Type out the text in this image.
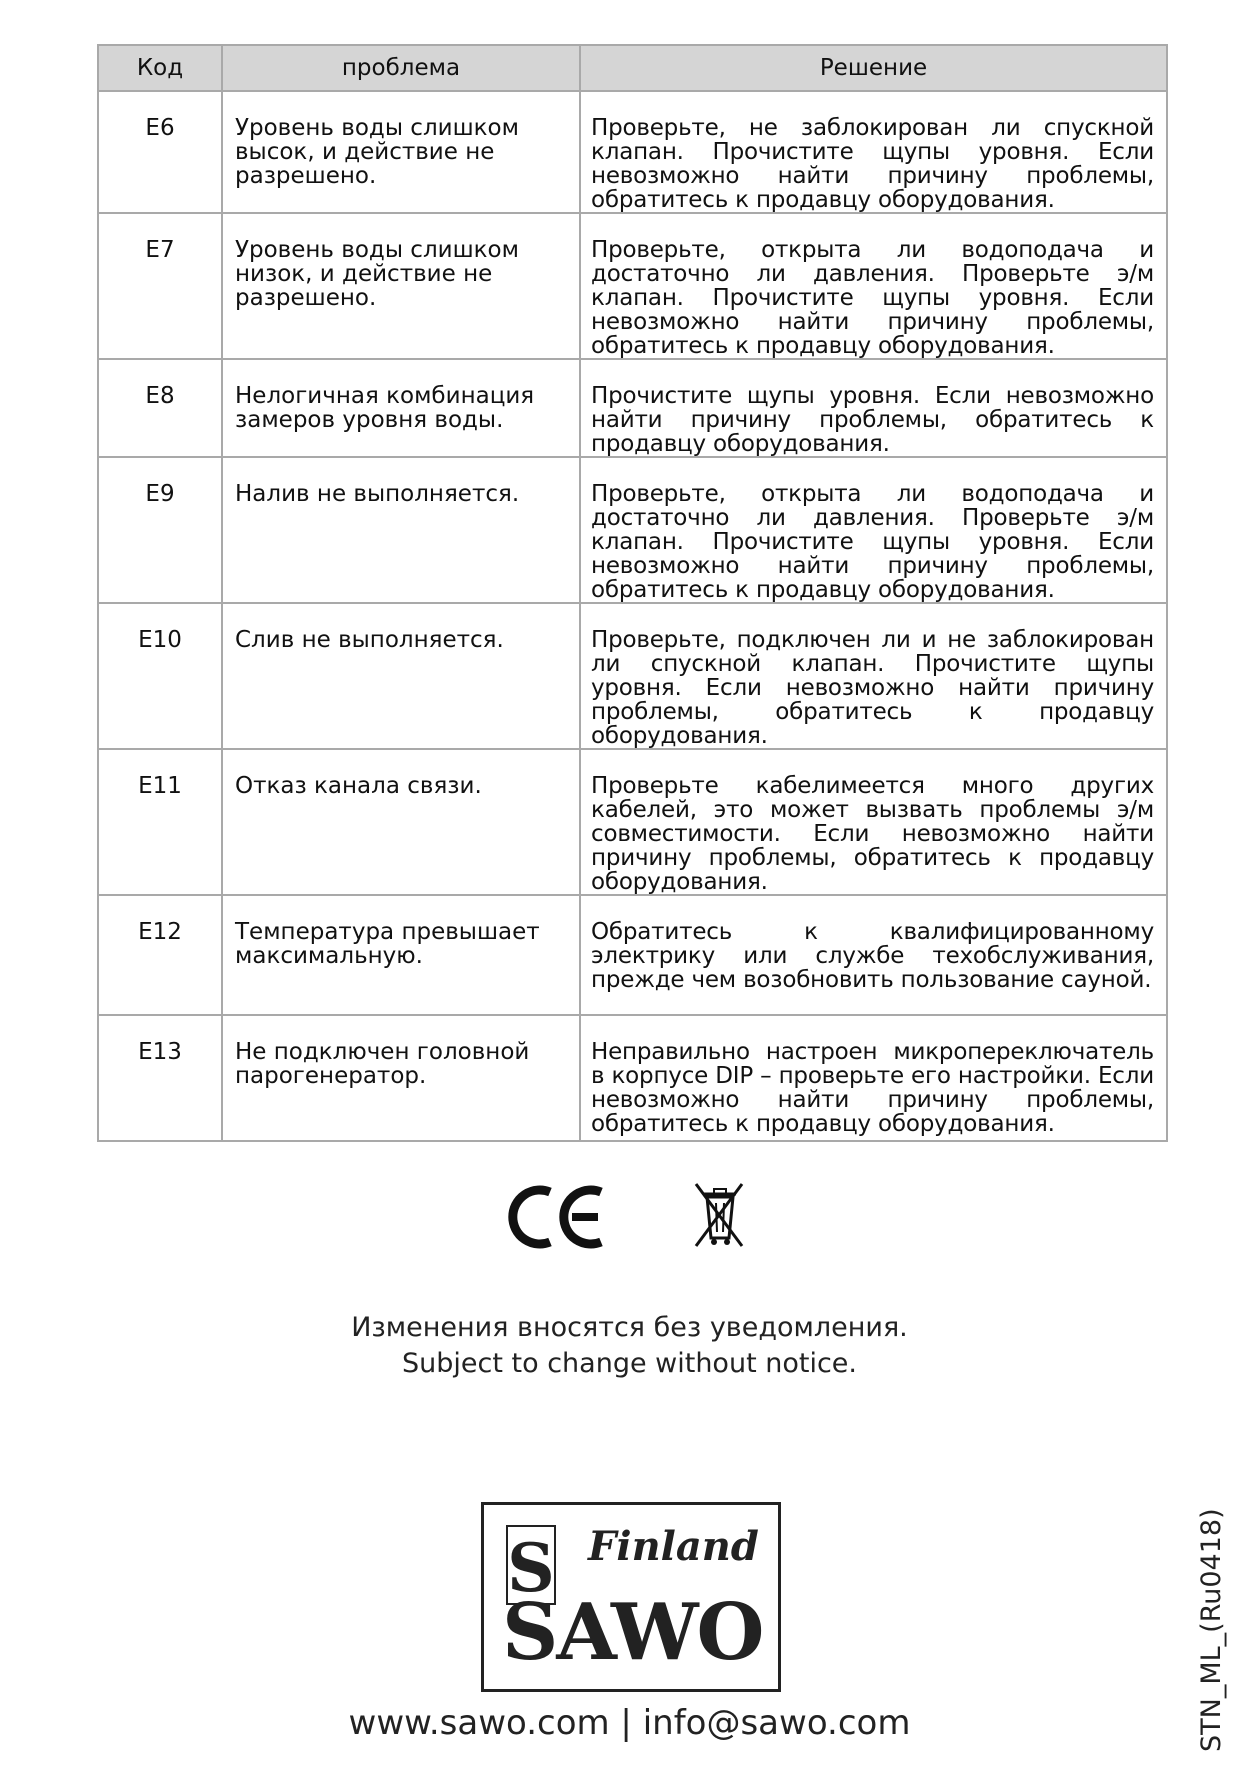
Код	проблема	Решение
E6	Уровень воды слишком высок, и действие не разрешено.	Проверьте, не заблокирован ли спускной клапан. Прочистите щупы уровня. Если невозможно найти причину проблемы, обратитесь к продавцу оборудования.
E7	Уровень воды слишком низок, и действие не разрешено.	Проверьте, открыта ли водоподача и достаточно ли давления. Проверьте э/м клапан. Прочистите щупы уровня. Если невозможно найти причину проблемы, обратитесь к продавцу оборудования.
E8	Нелогичная комбинация замеров уровня воды.	Прочистите щупы уровня. Если невозможно найти причину проблемы, обратитесь к продавцу оборудования.
E9	Налив не выполняется.	Проверьте, открыта ли водоподача и достаточно ли давления. Проверьте э/м клапан. Прочистите щупы уровня. Если невозможно найти причину проблемы, обратитесь к продавцу оборудования.
E10	Слив не выполняется.	Проверьте, подключен ли и не заблокирован ли спускной клапан. Прочистите щупы уровня. Если невозможно найти причину проблемы, обратитесь к продавцу оборудования.
E11	Отказ канала связи.	Проверьте кабелимеется много других кабелей, это может вызвать проблемы э/м совместимости. Если невозможно найти причину проблемы, обратитесь к продавцу оборудования.
E12	Температура превышает максимальную.	Обратитесь к квалифицированному электрику или службе техобслуживания, прежде чем возобновить пользование сауной.
E13	Не подключен головной парогенератор.	Неправильно настроен микропереключатель в корпусе DIP – проверьте его настройки. Если невозможно найти причину проблемы, обратитесь к продавцу оборудования.
Изменения вносятся без уведомления.
Subject to change without notice.
S Finland
SAWO
www.sawo.com | info@sawo.com	STN_ML_(Ru0418)
